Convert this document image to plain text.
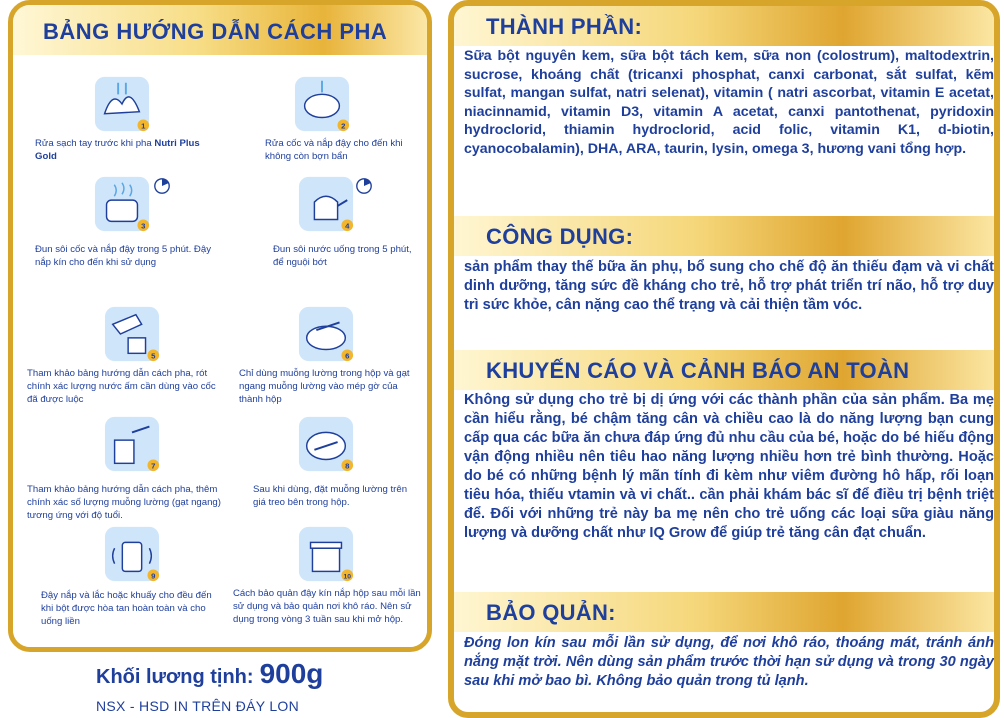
BẢNG HƯỚNG DẪN CÁCH PHA
1
Rửa sạch tay trước khi pha Nutri Plus Gold
2
Rửa cốc và nắp đậy cho đến khi không còn bợn bẩn
3
Đun sôi cốc và nắp đậy trong 5 phút. Đậy nắp kín cho đến khi sử dụng
4
Đun sôi nước uống trong 5 phút, để nguội bớt
5
Tham khảo bảng hướng dẫn cách pha, rót chính xác lượng nước ấm cần dùng vào cốc đã được luộc
6
Chỉ dùng muỗng lường trong hộp và gạt ngang muỗng lường vào mép gờ của thành hộp
7
Tham khảo bảng hướng dẫn cách pha, thêm chính xác số lượng muỗng lường (gạt ngang) tương ứng với độ tuổi.
8
Sau khi dùng, đặt muỗng lường trên giá treo bên trong hộp.
9
Đậy nắp và lắc hoặc khuấy cho đều đến khi bột được hòa tan hoàn toàn và cho uống liền
10
Cách bảo quản đậy kín nắp hộp sau mỗi lần sử dụng và bảo quản nơi khô ráo. Nên sử dụng trong vòng 3 tuần sau khi mở hộp.
Khối lương tịnh: 900g
NSX - HSD IN TRÊN ĐÁY LON
THÀNH PHẦN:

Sữa bột nguyên kem, sữa bột tách kem, sữa non (colostrum), maltodextrin, sucrose, khoáng chất (tricanxi phosphat, canxi carbonat, sắt sulfat, kẽm sulfat, mangan sulfat, natri selenat), vitamin ( natri ascorbat, vitamin E acetat, niacinnamid, vitamin D3, vitamin A acetat, canxi pantothenat, pyridoxin hydroclorid, thiamin hydroclorid, acid folic, vitamin K1, d-biotin, cyanocobalamin), DHA, ARA, taurin, lysin, omega 3, hương vani tổng hợp.

CÔNG DỤNG:

sản phẩm thay thế bữa ăn phụ, bổ sung cho chế độ ăn thiếu đạm và vi chất dinh dưỡng, tăng sức đề kháng cho trẻ, hỗ trợ phát triển trí não, hỗ trợ duy trì sức khỏe, cân nặng cao thể trạng và cải thiện tầm vóc.

KHUYẾN CÁO VÀ CẢNH BÁO AN TOÀN

Không sử dụng cho trẻ bị dị ứng với các thành phần của sản phẩm. Ba mẹ cần hiểu rằng, bé chậm tăng cân và chiều cao là do năng lượng bạn cung cấp qua các bữa ăn chưa đáp ứng đủ nhu cầu của bé, hoặc do bé hiếu động vận động nhiều nên tiêu hao năng lượng nhiều hơn trẻ bình thường. Hoặc do bé có những bệnh lý mãn tính đi kèm như viêm đường hô hấp, rối loạn tiêu hóa, thiếu vtamin và vi chất.. cần phải khám bác sĩ để điều trị bệnh triệt để. Đối với những trẻ này ba mẹ nên cho trẻ uống các loại sữa giàu năng lượng và dưỡng chất như IQ Grow để giúp trẻ tăng cân đạt chuẩn.

BẢO QUẢN:

Đóng lon kín sau mỗi lần sử dụng, để nơi khô ráo, thoáng mát, tránh ánh nắng mặt trời. Nên dùng sản phẩm trước thời hạn sử dụng và trong 30 ngày sau khi mở bao bì. Không bảo quản trong tủ lạnh.
